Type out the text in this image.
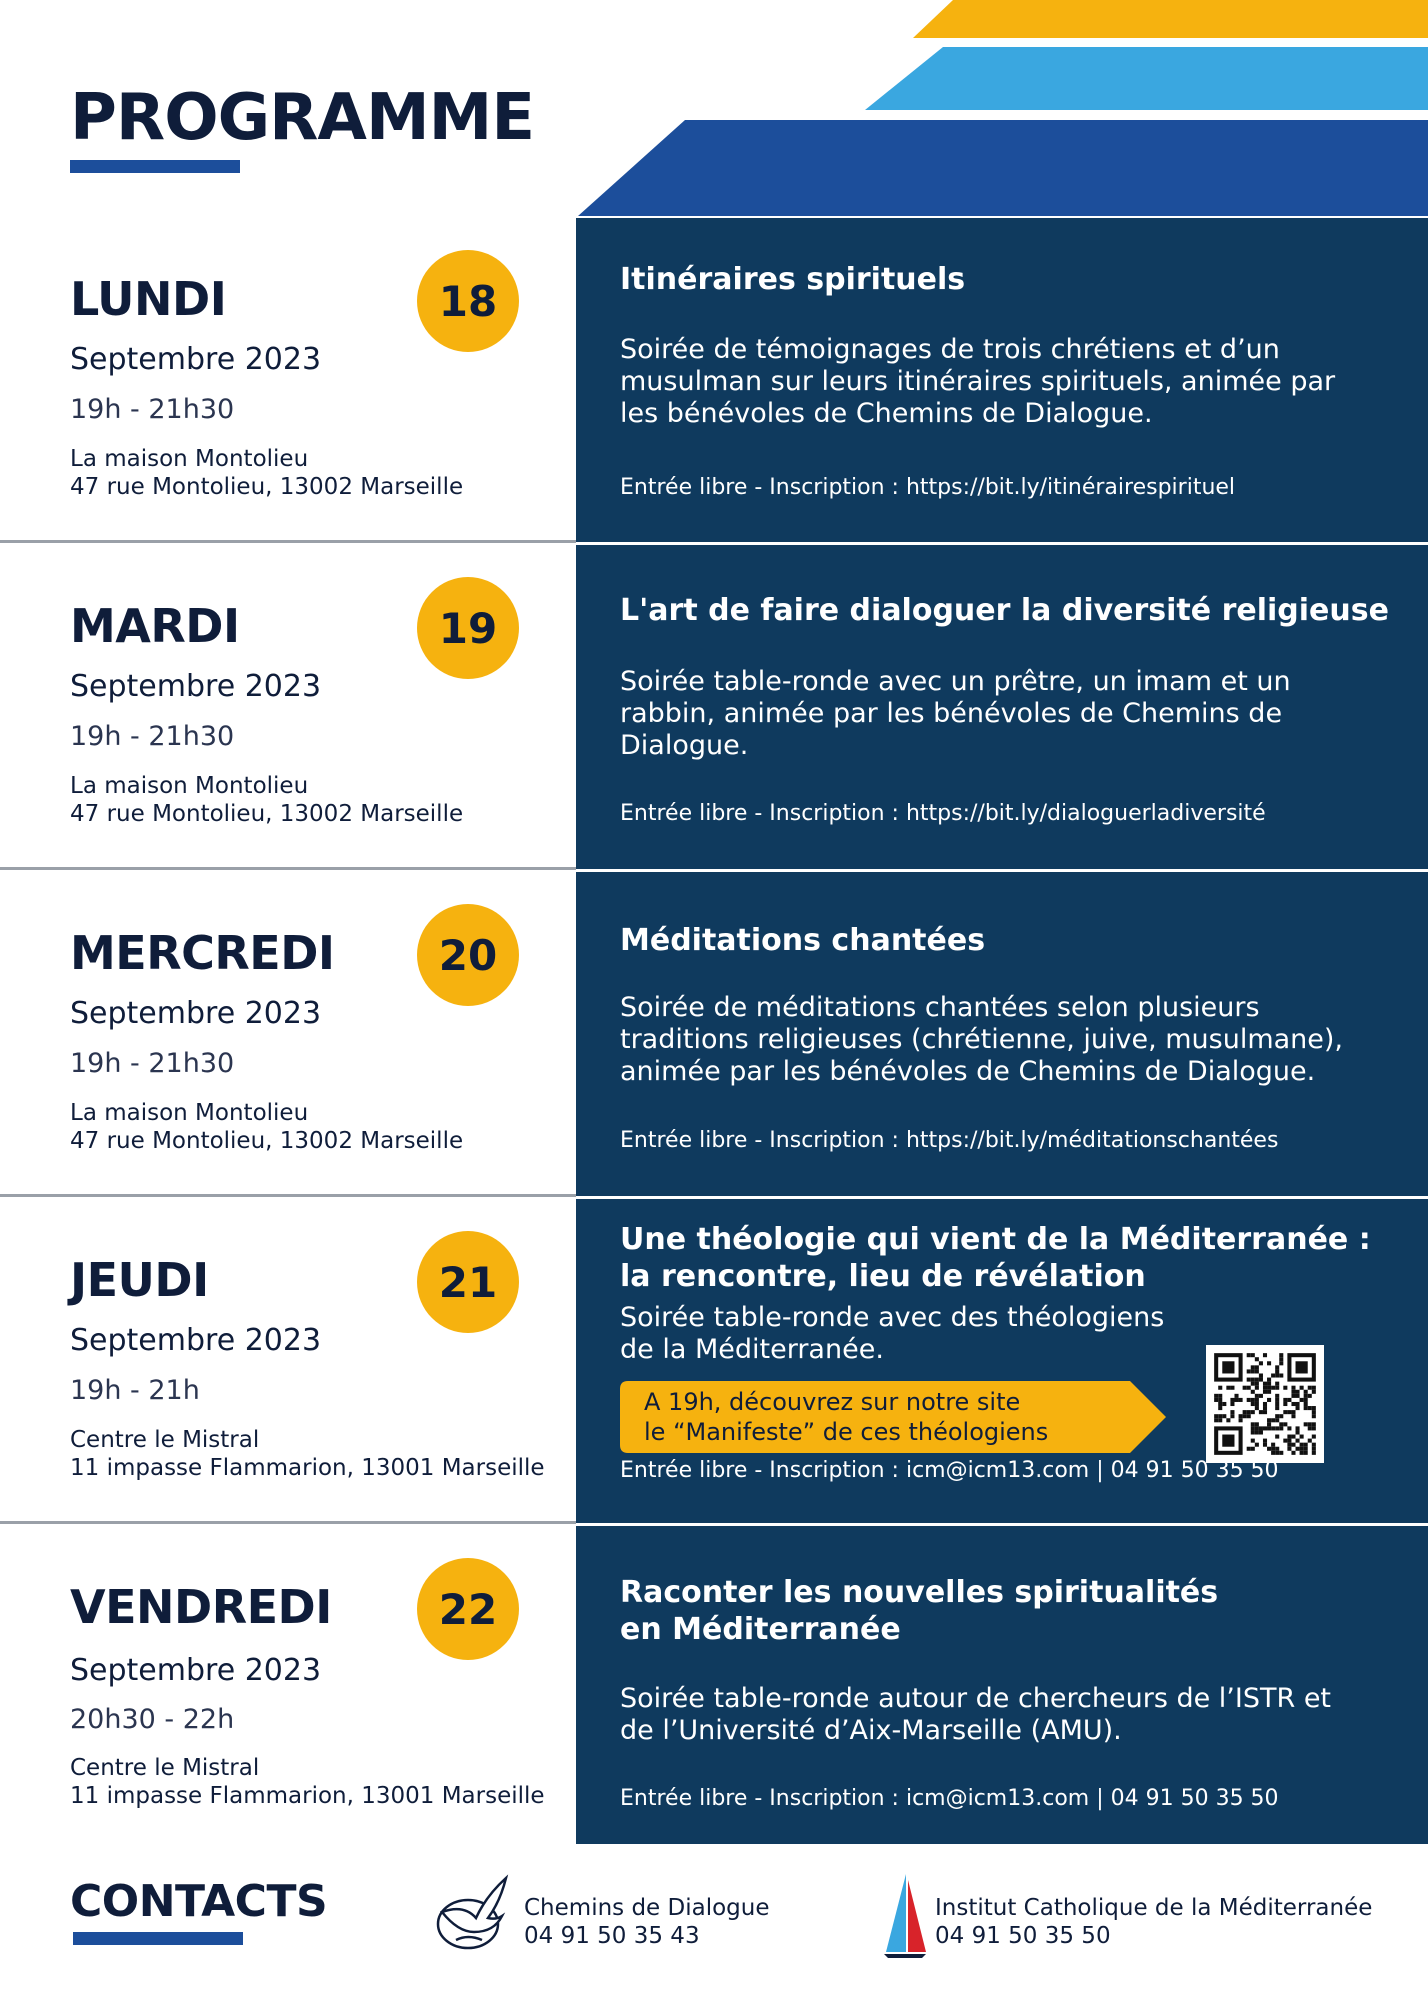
PROGRAMME
LUNDI	18
Septembre 2023
19h - 21h30
La maison Montolieu
47 rue Montolieu, 13002 Marseille
Itinéraires spirituels
Soirée de témoignages de trois chrétiens et d’un
musulman sur leurs itinéraires spirituels, animée par
les bénévoles de Chemins de Dialogue.
Entrée libre - Inscription : https://bit.ly/itinérairespirituel
MARDI	19
Septembre 2023
19h - 21h30
La maison Montolieu
47 rue Montolieu, 13002 Marseille
L'art de faire dialoguer la diversité religieuse
Soirée table-ronde avec un prêtre, un imam et un
rabbin, animée par les bénévoles de Chemins de
Dialogue.
Entrée libre - Inscription : https://bit.ly/dialoguerladiversité
MERCREDI	20
Septembre 2023
19h - 21h30
La maison Montolieu
47 rue Montolieu, 13002 Marseille
Méditations chantées
Soirée de méditations chantées selon plusieurs
traditions religieuses (chrétienne, juive, musulmane),
animée par les bénévoles de Chemins de Dialogue.
Entrée libre - Inscription : https://bit.ly/méditationschantées
JEUDI	21
Septembre 2023
19h - 21h
Centre le Mistral
11 impasse Flammarion, 13001 Marseille
Une théologie qui vient de la Méditerranée :
la rencontre, lieu de révélation
Soirée table-ronde avec des théologiens
de la Méditerranée.
A 19h, découvrez sur notre site
le “Manifeste” de ces théologiens
Entrée libre - Inscription : icm@icm13.com | 04 91 50 35 50
VENDREDI	22
Septembre 2023
20h30 - 22h
Centre le Mistral
11 impasse Flammarion, 13001 Marseille
Raconter les nouvelles spiritualités
en Méditerranée
Soirée table-ronde autour de chercheurs de l’ISTR et
de l’Université d’Aix-Marseille (AMU).
Entrée libre - Inscription : icm@icm13.com | 04 91 50 35 50
CONTACTS	Chemins de Dialogue
04 91 50 35 43
Institut Catholique de la Méditerranée
04 91 50 35 50
